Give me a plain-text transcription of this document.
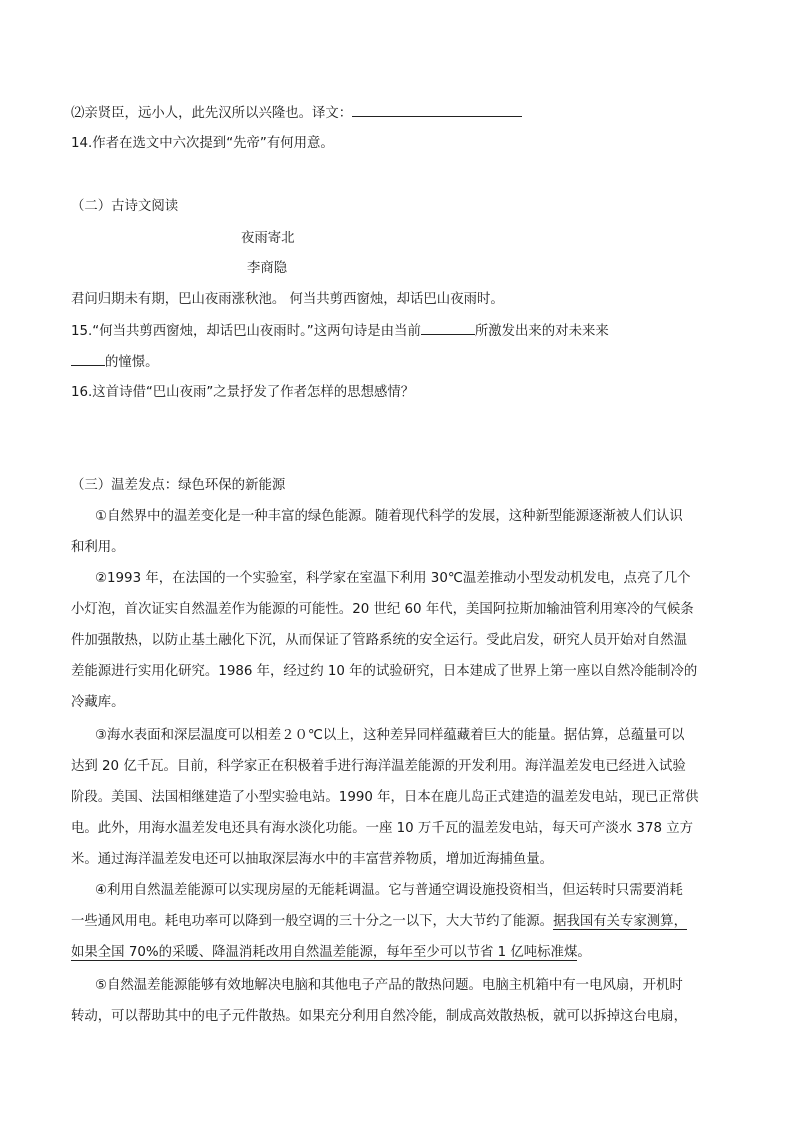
⑵亲贤臣，远小人，此先汉所以兴隆也。译文：
14.作者在选文中六次提到“先帝”有何用意。
（二）古诗文阅读
夜雨寄北
李商隐
君问归期未有期，巴山夜雨涨秋池。 何当共剪西窗烛，却话巴山夜雨时。
15.“何当共剪西窗烛，却话巴山夜雨时。”这两句诗是由当前	所激发出来的对未来来
的憧憬。
16.这首诗借“巴山夜雨”之景抒发了作者怎样的思想感情？
（三）温差发点：绿色环保的新能源
①自然界中的温差变化是一种丰富的绿色能源。随着现代科学的发展，这种新型能源逐渐被人们认识
和利用。
②1993 年，在法国的一个实验室，科学家在室温下利用 30℃温差推动小型发动机发电，点亮了几个
小灯泡，首次证实自然温差作为能源的可能性。20 世纪 60 年代，美国阿拉斯加输油管利用寒冷的气候条
件加强散热，以防止基土融化下沉，从而保证了管路系统的安全运行。受此启发，研究人员开始对自然温
差能源进行实用化研究。1986 年，经过约 10 年的试验研究，日本建成了世界上第一座以自然冷能制冷的
冷藏库。
③海水表面和深层温度可以相差２０℃以上，这种差异同样蕴藏着巨大的能量。据估算，总蕴量可以
达到 20 亿千瓦。目前，科学家正在积极着手进行海洋温差能源的开发利用。海洋温差发电已经进入试验
阶段。美国、法国相继建造了小型实验电站。1990 年，日本在鹿儿岛正式建造的温差发电站，现已正常供
电。此外，用海水温差发电还具有海水淡化功能。一座 10 万千瓦的温差发电站，每天可产淡水 378 立方
米。通过海洋温差发电还可以抽取深层海水中的丰富营养物质，增加近海捕鱼量。
④利用自然温差能源可以实现房屋的无能耗调温。它与普通空调设施投资相当，但运转时只需要消耗
一些通风用电。耗电功率可以降到一般空调的三十分之一以下，大大节约了能源。据我国有关专家测算，
如果全国 70%的采暖、降温消耗改用自然温差能源，每年至少可以节省 1 亿吨标准煤。
⑤自然温差能源能够有效地解决电脑和其他电子产品的散热问题。电脑主机箱中有一电风扇，开机时
转动，可以帮助其中的电子元件散热。如果充分利用自然冷能，制成高效散热板，就可以拆掉这台电扇，
